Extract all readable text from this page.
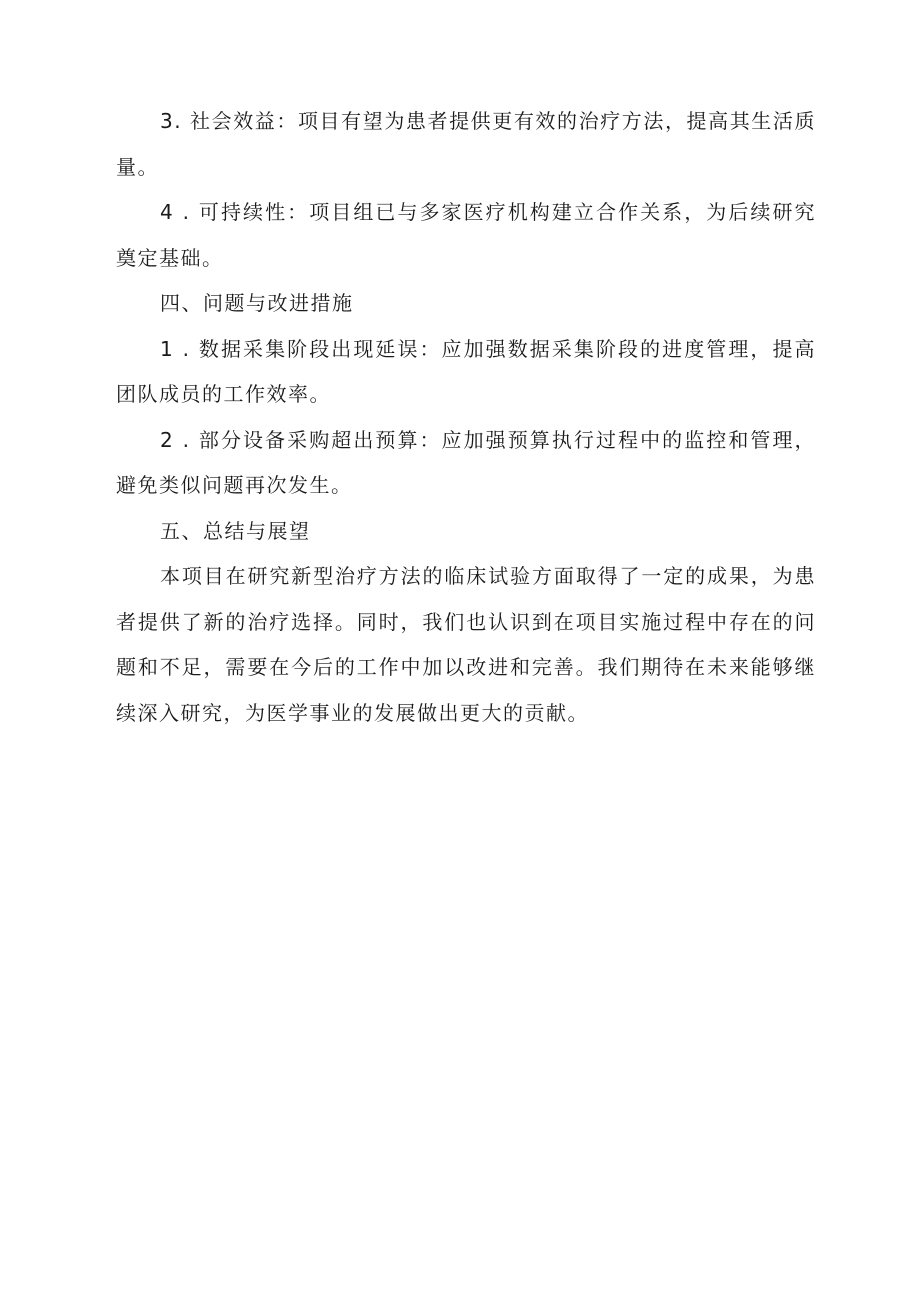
3. 社会效益：项目有望为患者提供更有效的治疗方法，提高其生活质量。

4 . 可持续性：项目组已与多家医疗机构建立合作关系，为后续研究奠定基础。

四、问题与改进措施

1 . 数据采集阶段出现延误：应加强数据采集阶段的进度管理，提高团队成员的工作效率。

2 . 部分设备采购超出预算：应加强预算执行过程中的监控和管理，避免类似问题再次发生。

五、总结与展望

本项目在研究新型治疗方法的临床试验方面取得了一定的成果，为患者提供了新的治疗选择。同时，我们也认识到在项目实施过程中存在的问题和不足，需要在今后的工作中加以改进和完善。我们期待在未来能够继续深入研究，为医学事业的发展做出更大的贡献。
